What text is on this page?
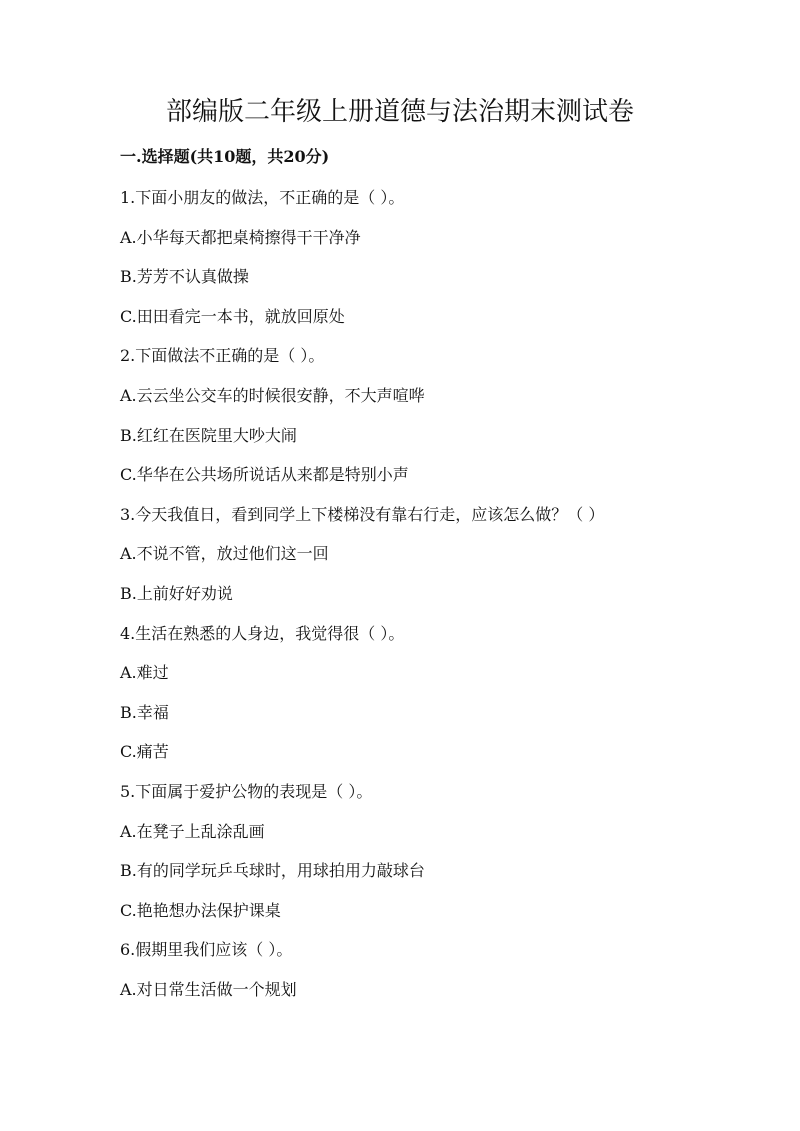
部编版二年级上册道德与法治期末测试卷
一.选择题(共10题，共20分)
1.下面小朋友的做法，不正确的是（ ）。
A.小华每天都把桌椅擦得干干净净
B.芳芳不认真做操
C.田田看完一本书，就放回原处
2.下面做法不正确的是（ ）。
A.云云坐公交车的时候很安静，不大声喧哗
B.红红在医院里大吵大闹
C.华华在公共场所说话从来都是特别小声
3.今天我值日，看到同学上下楼梯没有靠右行走，应该怎么做？（ ）
A.不说不管，放过他们这一回
B.上前好好劝说
4.生活在熟悉的人身边，我觉得很（ ）。
A.难过
B.幸福
C.痛苦
5.下面属于爱护公物的表现是（ ）。
A.在凳子上乱涂乱画
B.有的同学玩乒乓球时，用球拍用力敲球台
C.艳艳想办法保护课桌
6.假期里我们应该（ ）。
A.对日常生活做一个规划
